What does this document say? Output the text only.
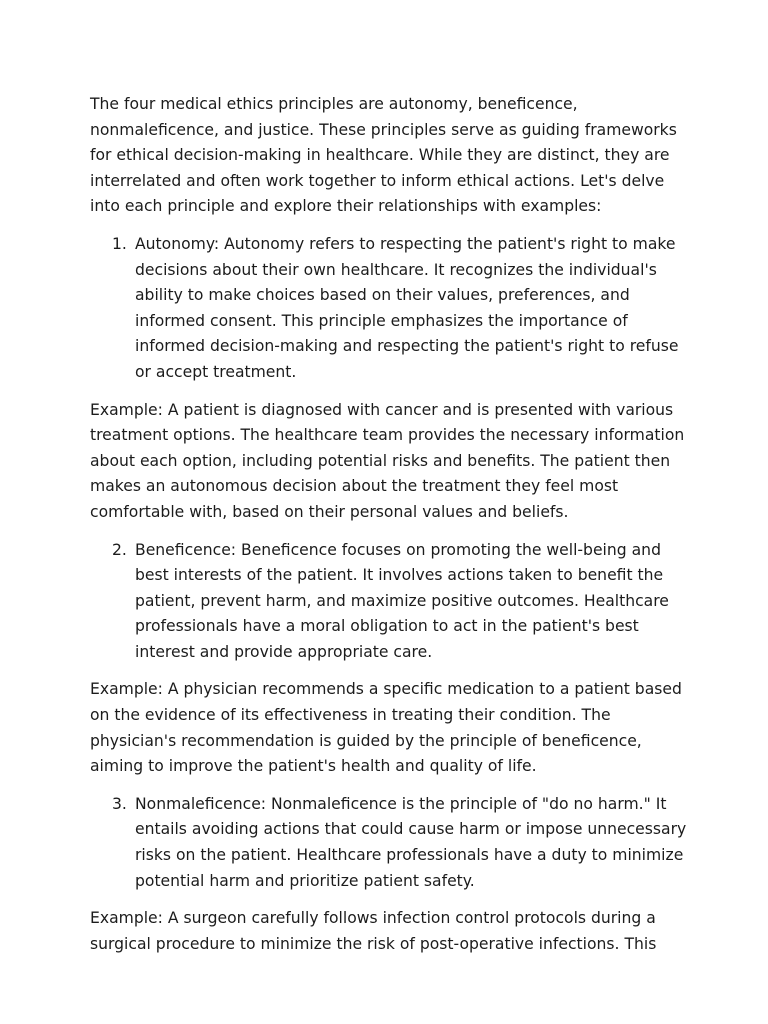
The four medical ethics principles are autonomy, beneficence, nonmaleficence, and justice. These principles serve as guiding frameworks for ethical decision-making in healthcare. While they are distinct, they are interrelated and often work together to inform ethical actions. Let's delve into each principle and explore their relationships with examples:

1. Autonomy: Autonomy refers to respecting the patient's right to make decisions about their own healthcare. It recognizes the individual's ability to make choices based on their values, preferences, and informed consent. This principle emphasizes the importance of informed decision-making and respecting the patient's right to refuse or accept treatment.

Example: A patient is diagnosed with cancer and is presented with various treatment options. The healthcare team provides the necessary information about each option, including potential risks and benefits. The patient then makes an autonomous decision about the treatment they feel most comfortable with, based on their personal values and beliefs.

2. Beneficence: Beneficence focuses on promoting the well-being and best interests of the patient. It involves actions taken to benefit the patient, prevent harm, and maximize positive outcomes. Healthcare professionals have a moral obligation to act in the patient's best interest and provide appropriate care.

Example: A physician recommends a specific medication to a patient based on the evidence of its effectiveness in treating their condition. The physician's recommendation is guided by the principle of beneficence, aiming to improve the patient's health and quality of life.

3. Nonmaleficence: Nonmaleficence is the principle of "do no harm." It entails avoiding actions that could cause harm or impose unnecessary risks on the patient. Healthcare professionals have a duty to minimize potential harm and prioritize patient safety.

Example: A surgeon carefully follows infection control protocols during a surgical procedure to minimize the risk of post-operative infections. This
